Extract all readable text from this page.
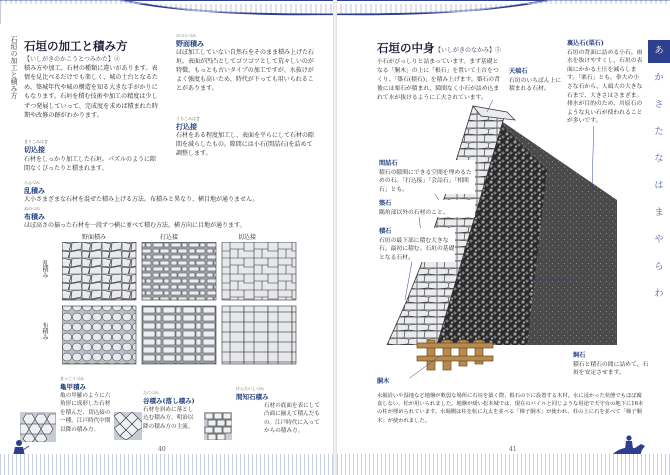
石垣の加工と積み方 石垣の加工と積み方
【いしがきのかこうとつみかた】④
積み方や加工、石材の種類に違いがあります。表情を見比べるだけでも楽しく、城の土台となるため、築城年代や城の構造を知る大きな手がかりにもなります。石垣を積む技術や加工の精度は少しずつ発展していって、完成度を求めば積まれた時期や改修の跡がわかります。
きりこみはぎ
切込接
石材をしっかり加工した石垣。パズルのように隙間なくぴったりと積まれます。
らんづみ
乱積み
大小さまざまな石材を混ぜた積み上げる方法。布積みと異なり、横目地が通りません。
ぬのづみ
布積み
ほぼ高さの揃った石材を一段ずつ横に並べて積む方法。横方向に目地が通ります。
のづらづみ
野面積み
ほぼ加工していない自然石をそのまま積み上げた石垣。表面が凹凸としてゴツゴツとして荒々しいのが特徴。もっとも古いタイプの加工ですが、水抜けがよく強度も高いため、時代が下っても用いられることがあります。
うちこみはぎ
打込接
石材をある程度加工し、表面を平らにして石材の隙間を減らしたもの。隙間には小石(間詰石)を詰めて調整します。
野面積み	打込接	切込接
乱積み
布積み
きっこうづみ
亀甲積み
亀の甲羅のように六角形に成形した石材を積んだ、切込接の一種。江戸時代中期以降の積み方。
たにづみ
谷積み(落し積み)
石材を斜めに落とし込む積み方。明治以降の積み方の主流。
けんちいしづみ
間知石積み
石材の底面を表にして凸面に揃えて積んだもの。江戸時代に入ってからの積み方。
40
石垣の中身 【いしがきのなかみ】⑤
小石がびっしりと詰まっています。まず基礎となる「胴木」の上に「根石」を置いて土台をつくり、「築石(積石)」を積み上げます。築石の背後には栗石が積まれ、隙間なく小石が詰め込まれて水が抜けるように工夫されています。
天端石
石垣のいちばん上に積まれる石材。
間詰石
積石の隙間にできる空間を埋めるための石。「打込接」「会詰石」「相間石」とも。
築石
隅角部以外の石材のこと。
積石
石垣の最下部に積む大きな石。最初に積む。石垣の基礎となる石材。
飼石
積石と積石の間に詰めて、石垣を安定させます。
裏込石(栗石)
石垣の背面に詰める小石。雨水を抜けやすくし、石垣の表面にかかる土圧を減らします。「栗石」とも。拳大の小さな石から、人頭大の大きな石まで、大きさはさまざま。排水が目的のため、川原石のような丸い石が使われることが多いです。
胴木
水堀沿いや湿地など地盤が軟弱な場所に石垣を築く際、根石の下に設置する木材。水に浸かった状態でもほぼ腐食しない、松が用いられました。地盤が緩い松本城では、現在のバイルと同じような用途で天守台の地下に16本の柱が埋められています。水堀側は柱を杭に丸太を並べる「梯子胴木」が使われ、柱の上に石を並べて「梯子胴木」が使われました。
41
あ
か
さ
た
な
は
ま
や
ら
わ
